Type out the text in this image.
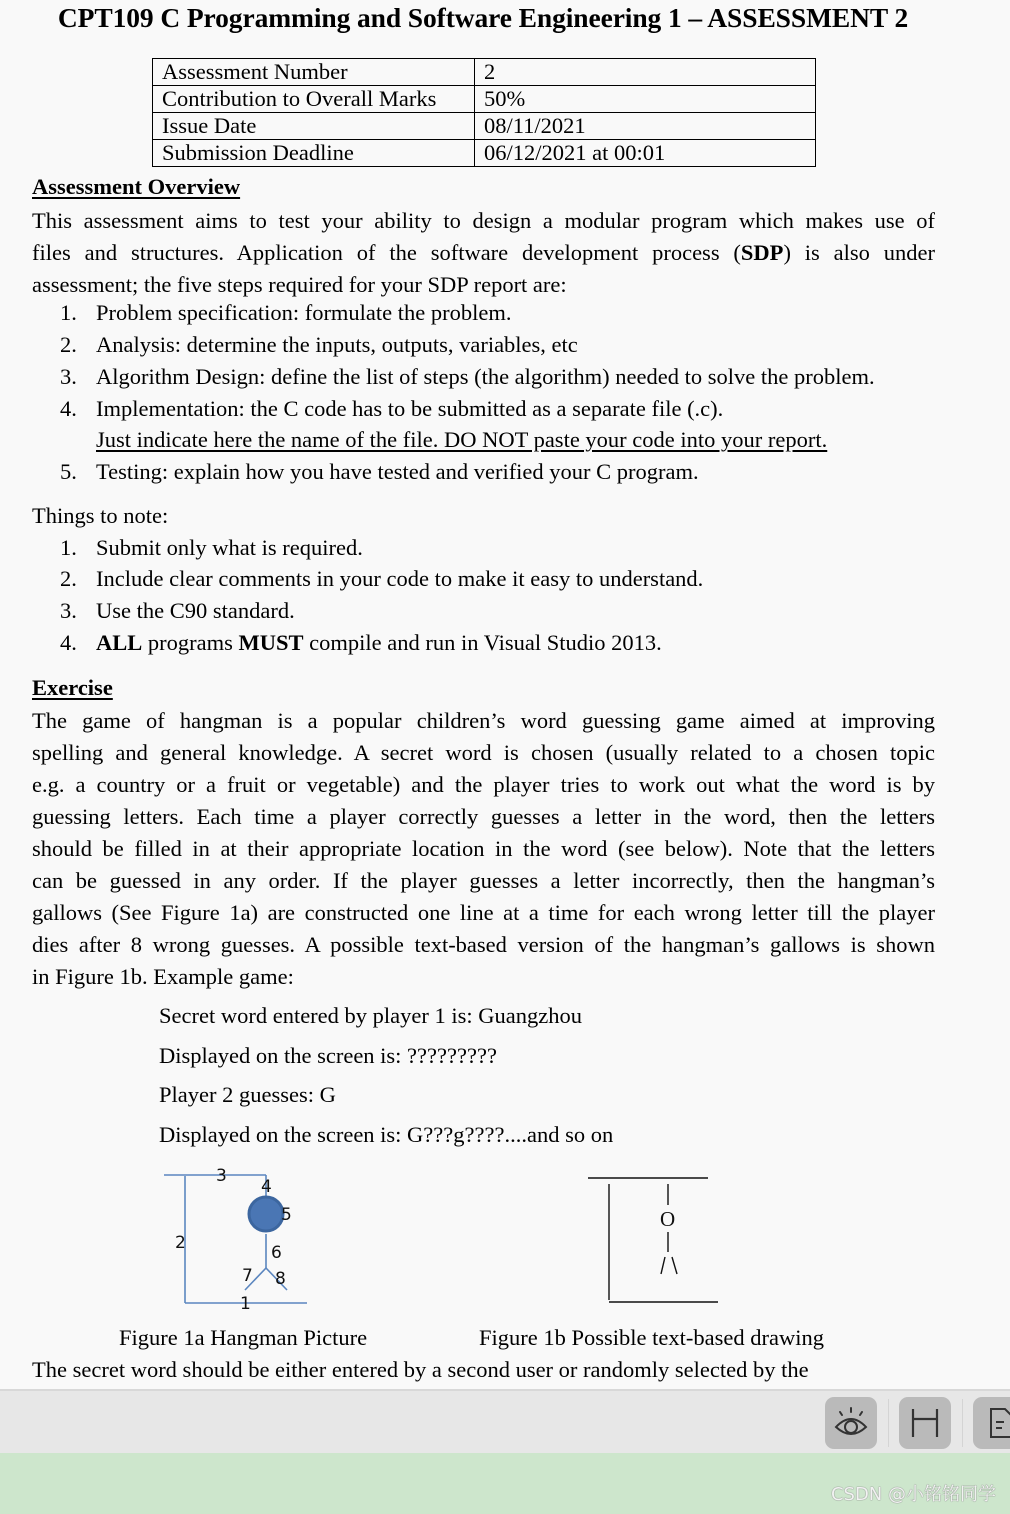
CPT109 C Programming and Software Engineering 1 – ASSESSMENT 2
Assessment Number	2
Contribution to Overall Marks	50%
Issue Date	08/11/2021
Submission Deadline	06/12/2021 at 00:01
Assessment Overview
This assessment aims to test your ability to design a modular program which makes use of
files and structures. Application of the software development process (SDP) is also under
assessment; the five steps required for your SDP report are:
1. Problem specification: formulate the problem.
2. Analysis: determine the inputs, outputs, variables, etc
3. Algorithm Design: define the list of steps (the algorithm) needed to solve the problem.
4. Implementation: the C code has to be submitted as a separate file (.c).
Just indicate here the name of the file. DO NOT paste your code into your report.
5. Testing: explain how you have tested and verified your C program.
Things to note:
1. Submit only what is required.
2. Include clear comments in your code to make it easy to understand.
3. Use the C90 standard.
4. ALL programs MUST compile and run in Visual Studio 2013.
Exercise
The game of hangman is a popular children’s word guessing game aimed at improving
spelling and general knowledge. A secret word is chosen (usually related to a chosen topic
e.g. a country or a fruit or vegetable) and the player tries to work out what the word is by
guessing letters. Each time a player correctly guesses a letter in the word, then the letters
should be filled in at their appropriate location in the word (see below). Note that the letters
can be guessed in any order. If the player guesses a letter incorrectly, then the hangman’s
gallows (See Figure 1a) are constructed one line at a time for each wrong letter till the player
dies after 8 wrong guesses. A possible text-based version of the hangman’s gallows is shown
in Figure 1b. Example game:
Secret word entered by player 1 is: Guangzhou
Displayed on the screen is: ?????????
Player 2 guesses: G
Displayed on the screen is: G???g????....and so on
1
2
3
4
5
6
7 8
O
Figure 1a Hangman Picture	Figure 1b Possible text-based drawing
The secret word should be either entered by a second user or randomly selected by the
CSDN @小铭铭同学
